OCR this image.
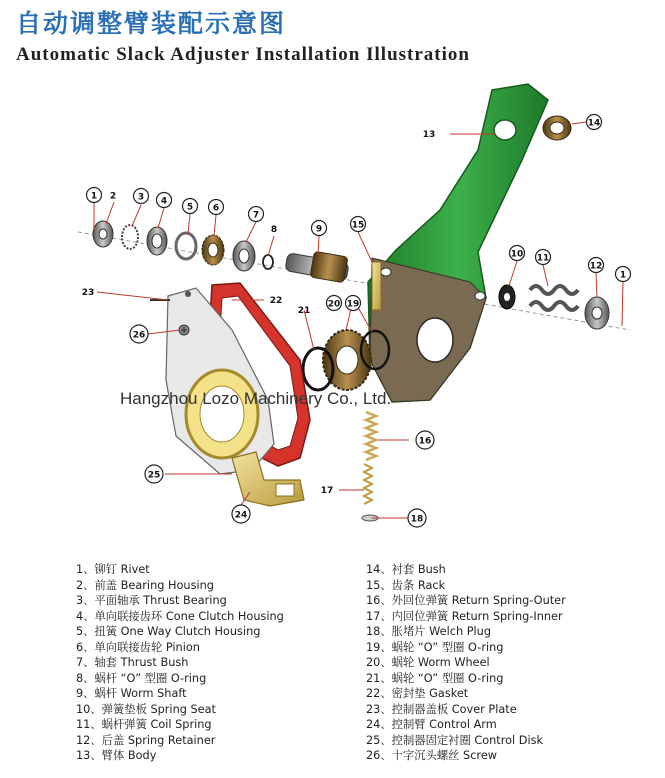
自动调整臂装配示意图
Automatic Slack Adjuster Installation Illustration
Hangzhou Lozo Machinery Co., Ltd.
1 2 3 4
5 6
7
8	9
10 11
12
13
14
15
16
17
18
19
20
21
22
23
26
25
24
1
1、铆钉 Rivet
2、前盖 Bearing Housing
3、平面轴承 Thrust Bearing
4、单向联接齿环 Cone Clutch Housing
5、扭簧 One Way Clutch Housing
6、单向联接齿轮 Pinion
7、轴套 Thrust Bush
8、蜗杆 “O” 型圈 O-ring
9、蜗杆 Worm Shaft
10、弹簧垫板 Spring Seat
11、蜗杆弹簧 Coil Spring
12、后盖 Spring Retainer
13、臂体 Body
14、衬套 Bush
15、齿条 Rack
16、外回位弹簧 Return Spring-Outer
17、内回位弹簧 Return Spring-Inner
18、胀堵片 Welch Plug
19、蜗轮 “O” 型圈 O-ring
20、蜗轮 Worm Wheel
21、蜗轮 “O” 型圈 O-ring
22、密封垫 Gasket
23、控制器盖板 Cover Plate
24、控制臂 Control Arm
25、控制器固定衬圈 Control Disk
26、十字沉头螺丝 Screw
